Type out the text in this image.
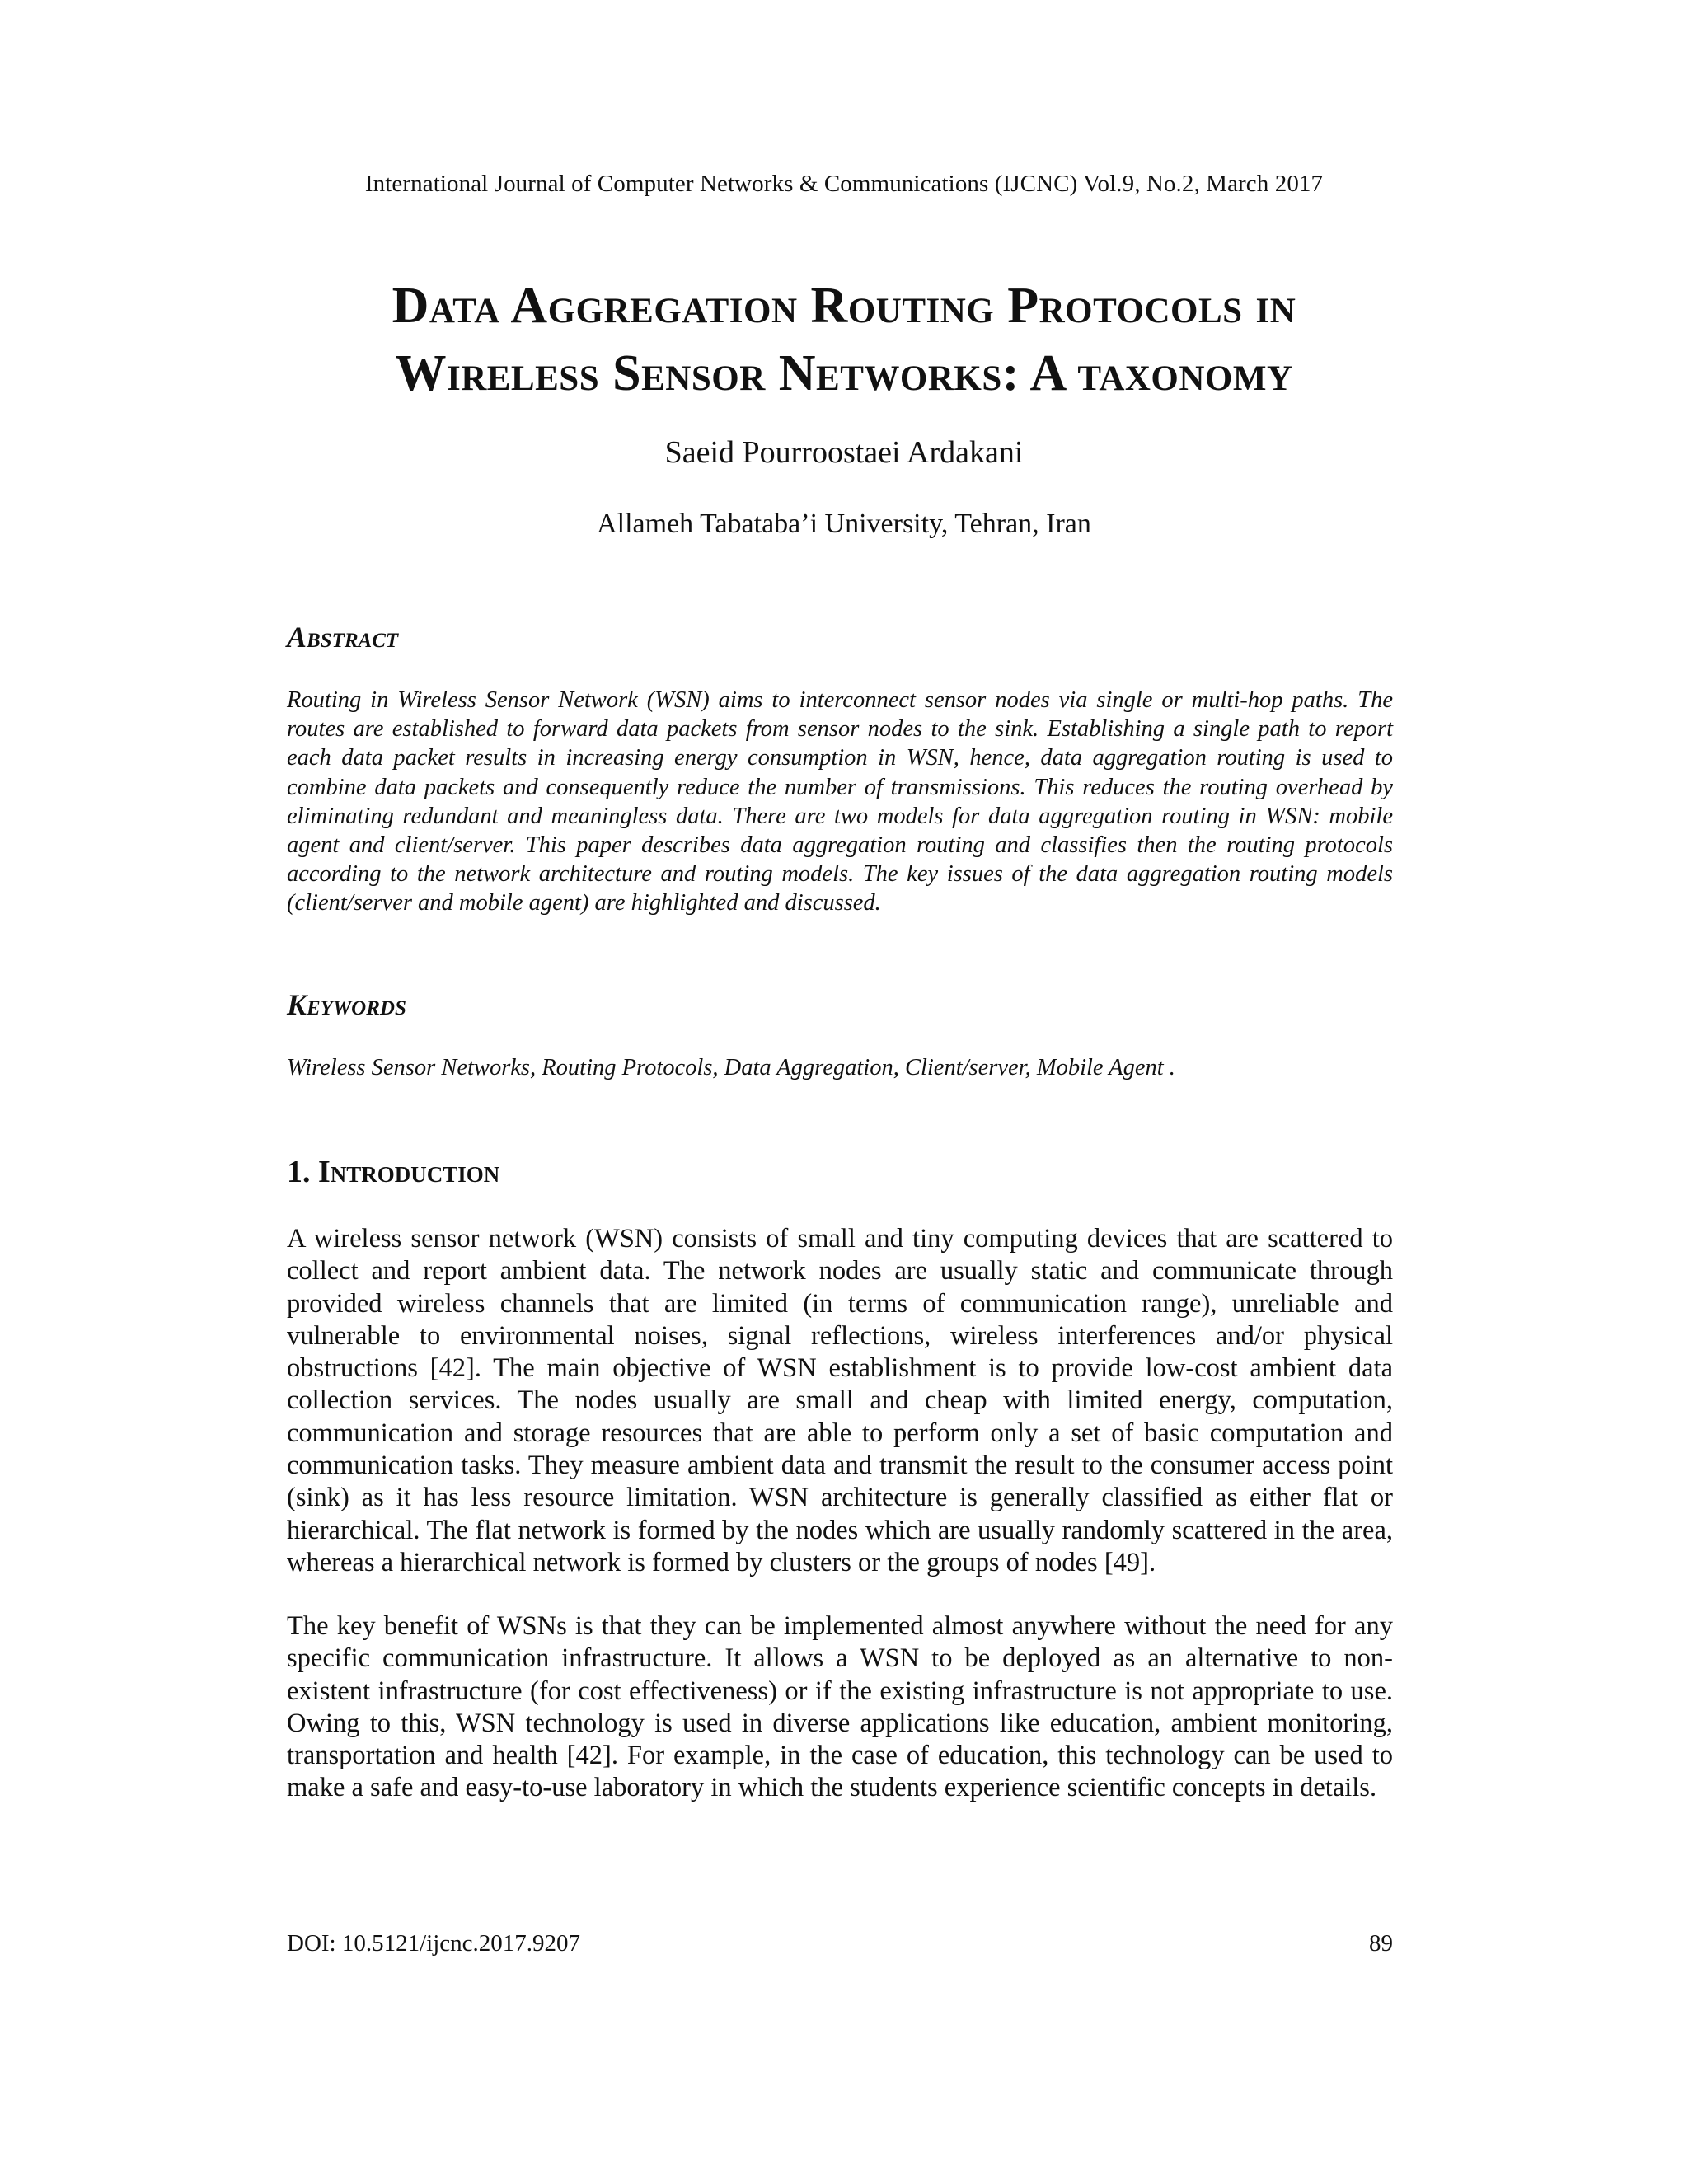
International Journal of Computer Networks & Communications (IJCNC) Vol.9, No.2, March 2017
Data Aggregation Routing Protocols in
Wireless Sensor Networks: A taxonomy
Saeid Pourroostaei Ardakani
Allameh Tabataba’i University, Tehran, Iran
Abstract

Routing in Wireless Sensor Network (WSN) aims to interconnect sensor nodes via single or multi-hop paths. The routes are established to forward data packets from sensor nodes to the sink. Establishing a single path to report each data packet results in increasing energy consumption in WSN, hence, data aggregation routing is used to combine data packets and consequently reduce the number of transmissions. This reduces the routing overhead by eliminating redundant and meaningless data. There are two models for data aggregation routing in WSN: mobile agent and client/server. This paper describes data aggregation routing and classifies then the routing protocols according to the network architecture and routing models. The key issues of the data aggregation routing models (client/server and mobile agent) are highlighted and discussed.

Keywords

Wireless Sensor Networks, Routing Protocols, Data Aggregation, Client/server, Mobile Agent .

1. Introduction

A wireless sensor network (WSN) consists of small and tiny computing devices that are scattered to collect and report ambient data. The network nodes are usually static and communicate through provided wireless channels that are limited (in terms of communication range), unreliable and vulnerable to environmental noises, signal reflections, wireless interferences and/or physical obstructions [42]. The main objective of WSN establishment is to provide low-cost ambient data collection services. The nodes usually are small and cheap with limited energy, computation, communication and storage resources that are able to perform only a set of basic computation and communication tasks. They measure ambient data and transmit the result to the consumer access point (sink) as it has less resource limitation. WSN architecture is generally classified as either flat or hierarchical. The flat network is formed by the nodes which are usually randomly scattered in the area, whereas a hierarchical network is formed by clusters or the groups of nodes [49].

The key benefit of WSNs is that they can be implemented almost anywhere without the need for any specific communication infrastructure. It allows a WSN to be deployed as an alternative to non-existent infrastructure (for cost effectiveness) or if the existing infrastructure is not appropriate to use. Owing to this, WSN technology is used in diverse applications like education, ambient monitoring, transportation and health [42]. For example, in the case of education, this technology can be used to make a safe and easy-to-use laboratory in which the students experience scientific concepts in details.

DOI: 10.5121/ijcnc.2017.9207	89
